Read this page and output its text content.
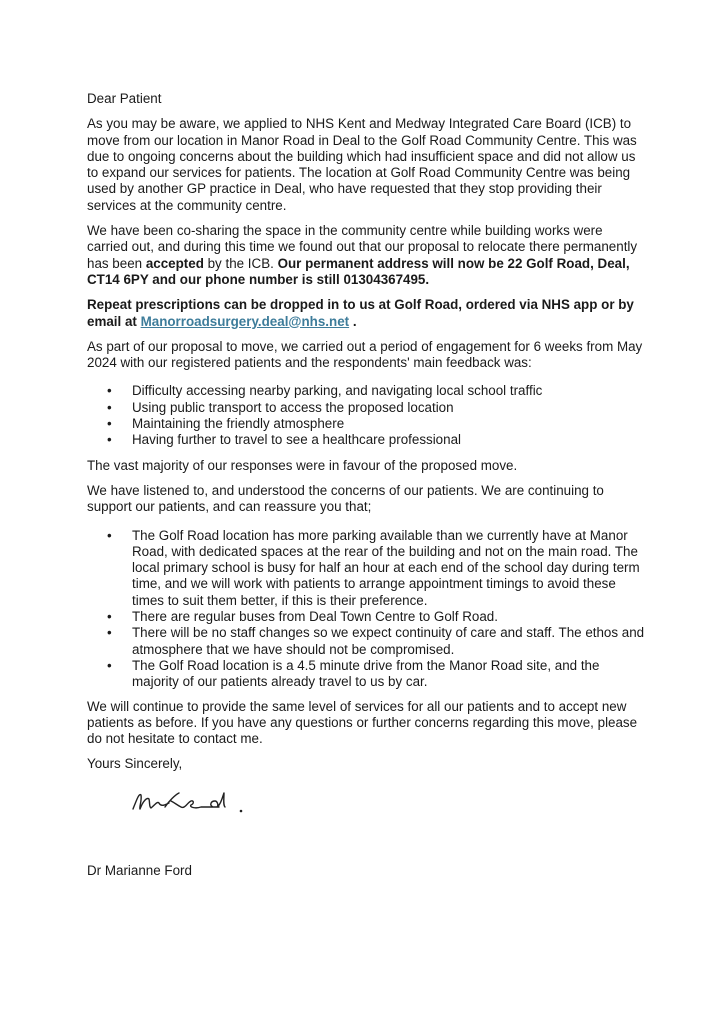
Dear Patient

As you may be aware, we applied to NHS Kent and Medway Integrated Care Board (ICB) to move from our location in Manor Road in Deal to the Golf Road Community Centre. This was due to ongoing concerns about the building which had insufficient space and did not allow us to expand our services for patients. The location at Golf Road Community Centre was being used by another GP practice in Deal, who have requested that they stop providing their services at the community centre.

We have been co-sharing the space in the community centre while building works were carried out, and during this time we found out that our proposal to relocate there permanently has been accepted by the ICB. Our permanent address will now be 22 Golf Road, Deal, CT14 6PY and our phone number is still 01304367495.

Repeat prescriptions can be dropped in to us at Golf Road, ordered via NHS app or by email at Manorroadsurgery.deal@nhs.net .

As part of our proposal to move, we carried out a period of engagement for 6 weeks from May 2024 with our registered patients and the respondents' main feedback was:

• Difficulty accessing nearby parking, and navigating local school traffic
• Using public transport to access the proposed location
• Maintaining the friendly atmosphere
• Having further to travel to see a healthcare professional

The vast majority of our responses were in favour of the proposed move.

We have listened to, and understood the concerns of our patients. We are continuing to support our patients, and can reassure you that;

• The Golf Road location has more parking available than we currently have at Manor Road, with dedicated spaces at the rear of the building and not on the main road. The local primary school is busy for half an hour at each end of the school day during term time, and we will work with patients to arrange appointment timings to avoid these times to suit them better, if this is their preference.
• There are regular buses from Deal Town Centre to Golf Road.
• There will be no staff changes so we expect continuity of care and staff. The ethos and atmosphere that we have should not be compromised.
• The Golf Road location is a 4.5 minute drive from the Manor Road site, and the majority of our patients already travel to us by car.

We will continue to provide the same level of services for all our patients and to accept new patients as before. If you have any questions or further concerns regarding this move, please do not hesitate to contact me.

Yours Sincerely,

Dr Marianne Ford
